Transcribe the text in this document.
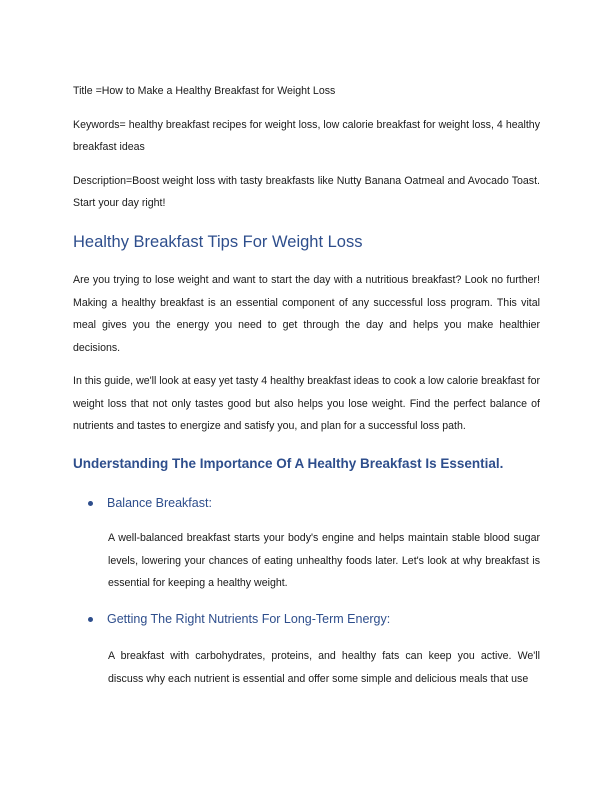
Title =How to Make a Healthy Breakfast for Weight Loss

Keywords= healthy breakfast recipes for weight loss, low calorie breakfast for weight loss, 4 healthy breakfast ideas

Description=Boost weight loss with tasty breakfasts like Nutty Banana Oatmeal and Avocado Toast. Start your day right!

Healthy Breakfast Tips For Weight Loss

Are you trying to lose weight and want to start the day with a nutritious breakfast? Look no further! Making a healthy breakfast is an essential component of any successful loss program. This vital meal gives you the energy you need to get through the day and helps you make healthier decisions.

In this guide, we'll look at easy yet tasty 4 healthy breakfast ideas to cook a low calorie breakfast for weight loss that not only tastes good but also helps you lose weight. Find the perfect balance of nutrients and tastes to energize and satisfy you, and plan for a successful loss path.

Understanding The Importance Of A Healthy Breakfast Is Essential.
Balance Breakfast:

A well-balanced breakfast starts your body's engine and helps maintain stable blood sugar levels, lowering your chances of eating unhealthy foods later. Let's look at why breakfast is essential for keeping a healthy weight.

Getting The Right Nutrients For Long-Term Energy:

A breakfast with carbohydrates, proteins, and healthy fats can keep you active. We'll discuss why each nutrient is essential and offer some simple and delicious meals that use
